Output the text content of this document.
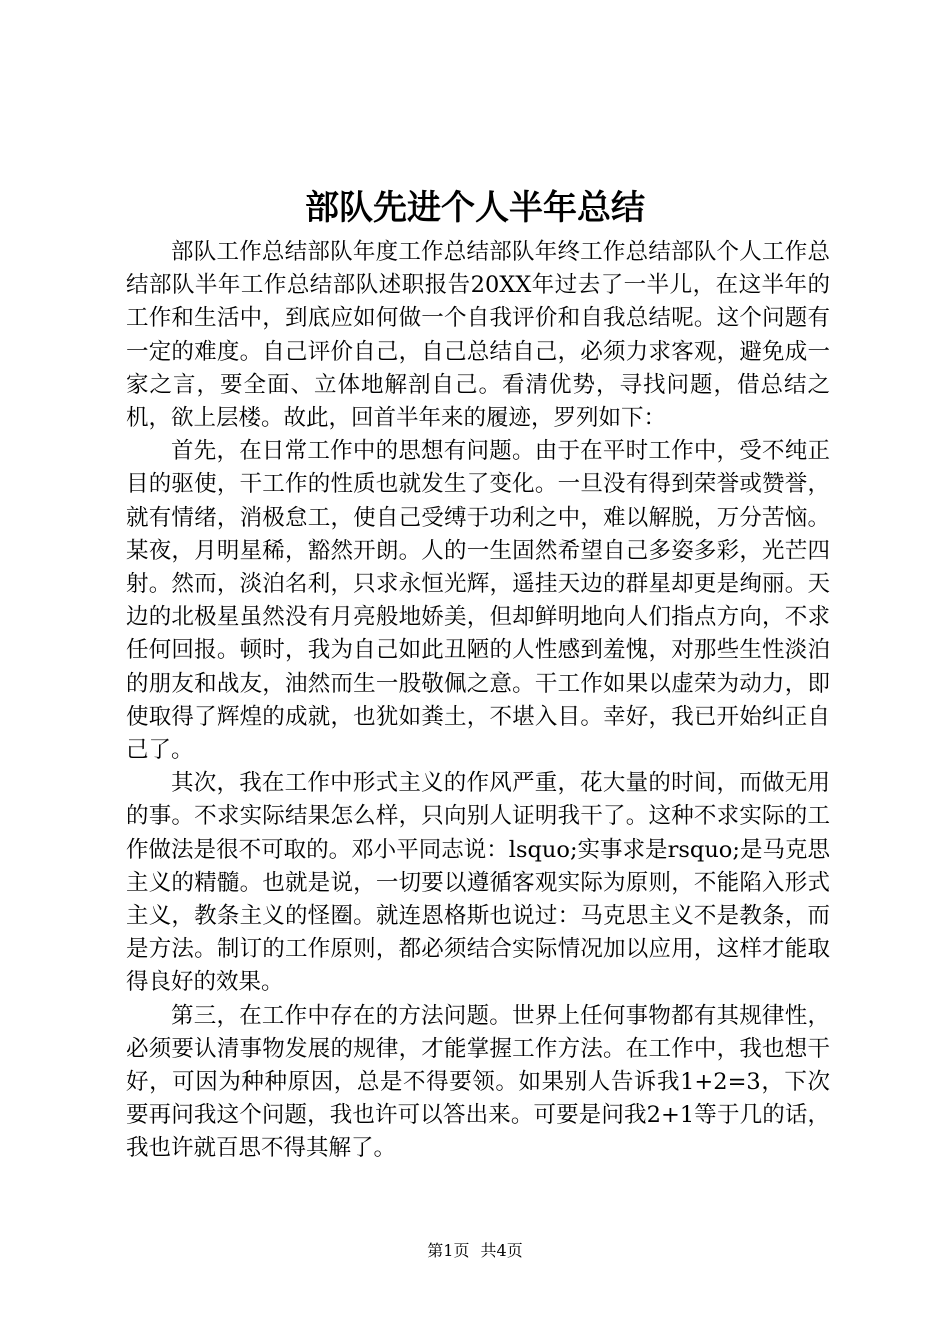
部队先进个人半年总结

部队工作总结部队年度工作总结部队年终工作总结部队个人工作总结部队半年工作总结部队述职报告20XX年过去了一半儿，在这半年的工作和生活中，到底应如何做一个自我评价和自我总结呢。这个问题有一定的难度。自己评价自己，自己总结自己，必须力求客观，避免成一家之言，要全面、立体地解剖自己。看清优势，寻找问题，借总结之机，欲上层楼。故此，回首半年来的履迹，罗列如下：

首先，在日常工作中的思想有问题。由于在平时工作中，受不纯正目的驱使，干工作的性质也就发生了变化。一旦没有得到荣誉或赞誉，就有情绪，消极怠工，使自己受缚于功利之中，难以解脱，万分苦恼。某夜，月明星稀，豁然开朗。人的一生固然希望自己多姿多彩，光芒四射。然而，淡泊名利，只求永恒光辉，遥挂天边的群星却更是绚丽。天边的北极星虽然没有月亮般地娇美，但却鲜明地向人们指点方向，不求任何回报。顿时，我为自己如此丑陋的人性感到羞愧，对那些生性淡泊的朋友和战友，油然而生一股敬佩之意。干工作如果以虚荣为动力，即使取得了辉煌的成就，也犹如粪土，不堪入目。幸好，我已开始纠正自己了。

其次，我在工作中形式主义的作风严重，花大量的时间，而做无用的事。不求实际结果怎么样，只向别人证明我干了。这种不求实际的工作做法是很不可取的。邓小平同志说：lsquo;实事求是rsquo;是马克思主义的精髓。也就是说，一切要以遵循客观实际为原则，不能陷入形式主义，教条主义的怪圈。就连恩格斯也说过：马克思主义不是教条，而是方法。制订的工作原则，都必须结合实际情况加以应用，这样才能取得良好的效果。

第三，在工作中存在的方法问题。世界上任何事物都有其规律性，必须要认清事物发展的规律，才能掌握工作方法。在工作中，我也想干好，可因为种种原因，总是不得要领。如果别人告诉我1+2=3，下次要再问我这个问题，我也许可以答出来。可要是问我2+1等于几的话，我也许就百思不得其解了。

第1页 共4页
